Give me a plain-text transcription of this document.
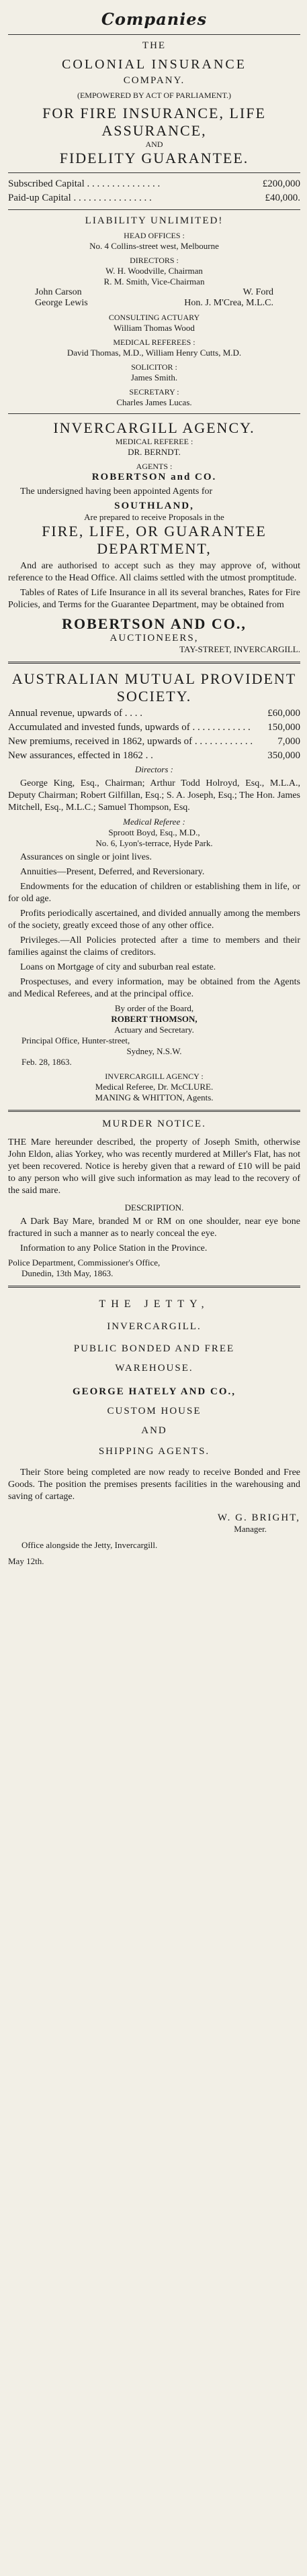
Companies
THE
COLONIAL INSURANCE
COMPANY.
(EMPOWERED BY ACT OF PARLIAMENT.)
FOR FIRE INSURANCE, LIFE
ASSURANCE,
AND
FIDELITY GUARANTEE.
Subscribed Capital . . . . . . . . . . . . . . .	£200,000
Paid-up Capital . . . . . . . . . . . . . . . .	£40,000.
LIABILITY UNLIMITED!
HEAD OFFICES :
No. 4 Collins-street west, Melbourne
DIRECTORS :
W. H. Woodville, Chairman
R. M. Smith, Vice-Chairman
John Carson	W. Ford
George Lewis	Hon. J. M'Crea, M.L.C.
CONSULTING ACTUARY
William Thomas Wood
MEDICAL REFEREES :
David Thomas, M.D., William Henry Cutts, M.D.
SOLICITOR :
James Smith.
SECRETARY :
Charles James Lucas.
INVERCARGILL AGENCY.
MEDICAL REFEREE :
DR. BERNDT.
AGENTS :
ROBERTSON and CO.
The undersigned having been appointed Agents for
SOUTHLAND,
Are prepared to receive Proposals in the
FIRE, LIFE, OR GUARANTEE
DEPARTMENT,
And are authorised to accept such as they may approve of, without reference to the Head Office. All claims settled with the utmost promptitude.
Tables of Rates of Life Insurance in all its several branches, Rates for Fire Policies, and Terms for the Guarantee Department, may be obtained from
ROBERTSON AND CO.,
AUCTIONEERS,
TAY-STREET, INVERCARGILL.
AUSTRALIAN MUTUAL PROVIDENT
SOCIETY.
Annual revenue, upwards of . . . .	£60,000
Accumulated and invested funds, upwards of . . . . . . . . . . . . 150,000
New premiums, received in 1862, upwards of . . . . . . . . . . . . 7,000
New assurances, effected in 1862 . .	350,000
Directors :
George King, Esq., Chairman; Arthur Todd Holroyd, Esq., M.L.A., Deputy Chairman; Robert Gilfillan, Esq.; S. A. Joseph, Esq.; The Hon. James Mitchell, Esq., M.L.C.; Samuel Thompson, Esq.
Medical Referee :
Sproott Boyd, Esq., M.D.,
No. 6, Lyon's-terrace, Hyde Park.
Assurances on single or joint lives.
Annuities—Present, Deferred, and Reversionary.
Endowments for the education of children or establishing them in life, or for old age.
Profits periodically ascertained, and divided annually among the members of the society, greatly exceed those of any other office.
Privileges.—All Policies protected after a time to members and their families against the claims of creditors.
Loans on Mortgage of city and suburban real estate.
Prospectuses, and every information, may be obtained from the Agents and Medical Referees, and at the principal office.
By order of the Board,
ROBERT THOMSON,
Actuary and Secretary.
Principal Office, Hunter-street,
Sydney, N.S.W.
Feb. 28, 1863.
INVERCARGILL AGENCY :
Medical Referee, Dr. McCLURE.
MANING & WHITTON, Agents.
MURDER NOTICE.
THE Mare hereunder described, the property of Joseph Smith, otherwise John Eldon, alias Yorkey, who was recently murdered at Miller's Flat, has not yet been recovered. Notice is hereby given that a reward of £10 will be paid to any person who will give such information as may lead to the recovery of the said mare.
DESCRIPTION.
A Dark Bay Mare, branded M or RM on one shoulder, near eye bone fractured in such a manner as to nearly conceal the eye.
Information to any Police Station in the Province.
Police Department, Commissioner's Office,
Dunedin, 13th May, 1863.
THE JETTY,
INVERCARGILL.
PUBLIC BONDED AND FREE
WAREHOUSE.
GEORGE HATELY AND CO.,
CUSTOM HOUSE
AND
SHIPPING AGENTS.
Their Store being completed are now ready to receive Bonded and Free Goods. The position the premises presents facilities in the warehousing and saving of cartage.
W. G. BRIGHT,
Manager.
Office alongside the Jetty, Invercargill.
May 12th.
